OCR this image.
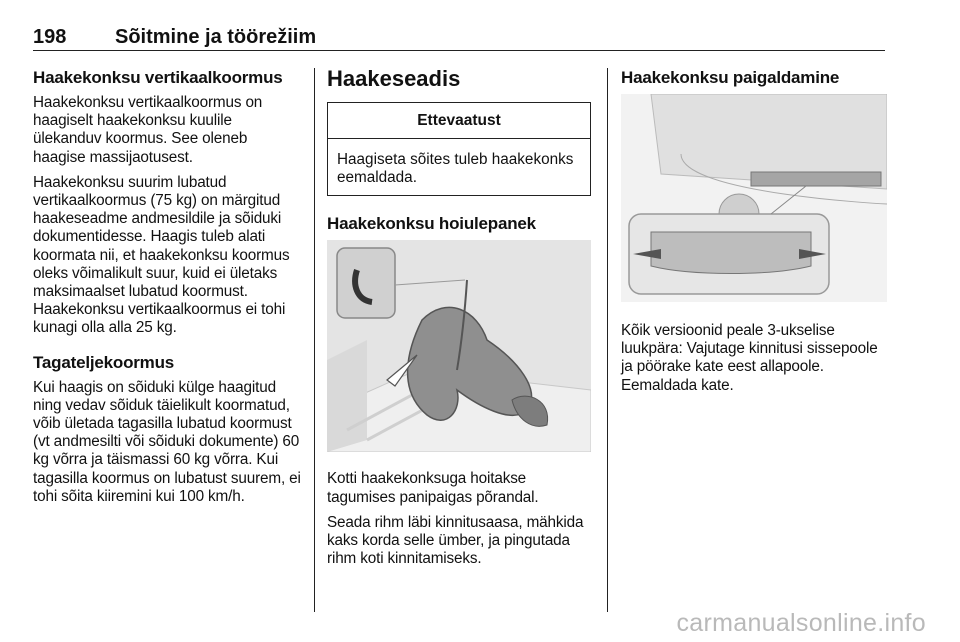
198 Sõitmine ja töörežiim
Haakekonksu vertikaalkoormus

Haakekonksu vertikaalkoormus on haagiselt haakekonksu kuulile ülekanduv koormus. See oleneb haagise massijaotusest.

Haakekonksu suurim lubatud vertikaalkoormus (75 kg) on märgitud haakeseadme andmesildile ja sõiduki dokumentidesse. Haagis tuleb alati koormata nii, et haakekonksu koormus oleks võimalikult suur, kuid ei ületaks maksimaalset lubatud koormust. Haakekonksu vertikaalkoormus ei tohi kunagi olla alla 25 kg.

Tagateljekoormus

Kui haagis on sõiduki külge haagitud ning vedav sõiduk täielikult koormatud, võib ületada tagasilla lubatud koormust (vt andmesilti või sõiduki dokumente) 60 kg võrra ja täismassi 60 kg võrra. Kui tagasilla koormus on lubatust suurem, ei tohi sõita kiiremini kui 100 km/h.

Haakeseadis
Ettevaatust
Haagiseta sõites tuleb haakekonks eemaldada.
Haakekonksu hoiulepanek

Kotti haakekonksuga hoitakse tagumises panipaigas põrandal.

Seada rihm läbi kinnitusaasa, mähkida kaks korda selle ümber, ja pingutada rihm koti kinnitamiseks.

Haakekonksu paigaldamine

Kõik versioonid peale 3-ukselise luukpära: Vajutage kinnitusi sissepoole ja pöörake kate eest allapoole. Eemaldada kate.

carmanualsonline.info
